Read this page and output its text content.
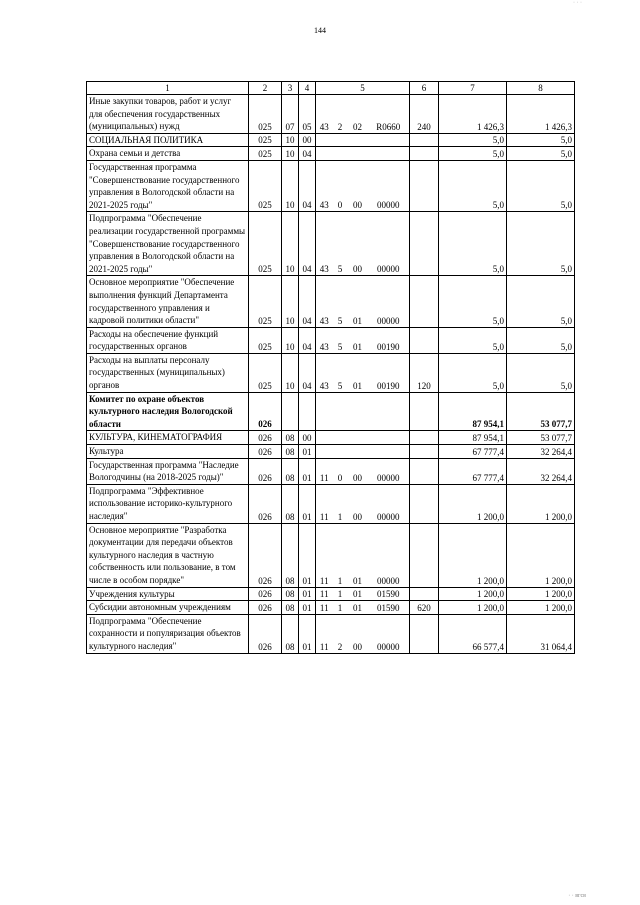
· · ·
144
1	2	3	4	5				6	7	8
Иные закупки товаров, работ и услуг для обеспечения государственных (муниципальных) нужд	025	07	05	43	2	02	R0660	240	1 426,3	1 426,3
СОЦИАЛЬНАЯ ПОЛИТИКА	025	10	00						5,0	5,0
Охрана семьи и детства	025	10	04						5,0	5,0
Государственная программа "Совершенствование государственного управления в Вологодской области на 2021-2025 годы"	025	10	04	43	0	00	00000		5,0	5,0
Подпрограмма "Обеспечение реализации государственной программы "Совершенствование государственного управления в Вологодской области на 2021-2025 годы"	025	10	04	43	5	00	00000		5,0	5,0
Основное мероприятие "Обеспечение выполнения функций Департамента государственного управления и кадровой политики области"	025	10	04	43	5	01	00000		5,0	5,0
Расходы на обеспечение функций государственных органов	025	10	04	43	5	01	00190		5,0	5,0
Расходы на выплаты персоналу государственных (муниципальных) органов	025	10	04	43	5	01	00190	120	5,0	5,0
Комитет по охране объектов культурного наследия Вологодской области	026								87 954,1	53 077,7
КУЛЬТУРА, КИНЕМАТОГРАФИЯ	026	08	00						87 954,1	53 077,7
Культура	026	08	01						67 777,4	32 264,4
Государственная программа "Наследие Вологодчины (на 2018-2025 годы)"	026	08	01	11	0	00	00000		67 777,4	32 264,4
Подпрограмма "Эффективное использование историко-культурного наследия"	026	08	01	11	1	00	00000		1 200,0	1 200,0
Основное мероприятие "Разработка документации для передачи объектов культурного наследия в частную собственность или пользование, в том числе в особом порядке"	026	08	01	11	1	01	00000		1 200,0	1 200,0
Учреждения культуры	026	08	01	11	1	01	01590		1 200,0	1 200,0
Субсидии автономным учреждениям	026	08	01	11	1	01	01590	620	1 200,0	1 200,0
Подпрограмма "Обеспечение сохранности и популяризация объектов культурного наследия"	026	08	01	11	2	00	00000		66 577,4	31 064,4
· · вгсв
